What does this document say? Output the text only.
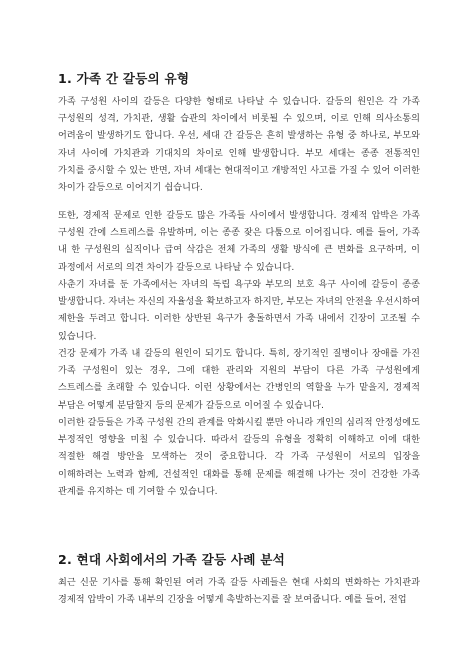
1. 가족 간 갈등의 유형

가족 구성원 사이의 갈등은 다양한 형태로 나타날 수 있습니다. 갈등의 원인은 각 가족 구성원의 성격, 가치관, 생활 습관의 차이에서 비롯될 수 있으며, 이로 인해 의사소통의 어려움이 발생하기도 합니다. 우선, 세대 간 갈등은 흔히 발생하는 유형 중 하나로, 부모와 자녀 사이에 가치관과 기대치의 차이로 인해 발생합니다. 부모 세대는 종종 전통적인 가치를 중시할 수 있는 반면, 자녀 세대는 현대적이고 개방적인 사고를 가질 수 있어 이러한 차이가 갈등으로 이어지기 쉽습니다.

또한, 경제적 문제로 인한 갈등도 많은 가족들 사이에서 발생합니다. 경제적 압박은 가족 구성원 간에 스트레스를 유발하며, 이는 종종 잦은 다툼으로 이어집니다. 예를 들어, 가족 내 한 구성원의 실직이나 급여 삭감은 전체 가족의 생활 방식에 큰 변화를 요구하며, 이 과정에서 서로의 의견 차이가 갈등으로 나타날 수 있습니다.

사춘기 자녀를 둔 가족에서는 자녀의 독립 욕구와 부모의 보호 욕구 사이에 갈등이 종종 발생합니다. 자녀는 자신의 자율성을 확보하고자 하지만, 부모는 자녀의 안전을 우선시하여 제한을 두려고 합니다. 이러한 상반된 욕구가 충돌하면서 가족 내에서 긴장이 고조될 수 있습니다.

건강 문제가 가족 내 갈등의 원인이 되기도 합니다. 특히, 장기적인 질병이나 장애를 가진 가족 구성원이 있는 경우, 그에 대한 관리와 지원의 부담이 다른 가족 구성원에게 스트레스를 초래할 수 있습니다. 이런 상황에서는 간병인의 역할을 누가 맡을지, 경제적 부담은 어떻게 분담할지 등의 문제가 갈등으로 이어질 수 있습니다.

이러한 갈등들은 가족 구성원 간의 관계를 악화시킬 뿐만 아니라 개인의 심리적 안정성에도 부정적인 영향을 미칠 수 있습니다. 따라서 갈등의 유형을 정확히 이해하고 이에 대한 적절한 해결 방안을 모색하는 것이 중요합니다. 각 가족 구성원이 서로의 입장을 이해하려는 노력과 함께, 건설적인 대화를 통해 문제를 해결해 나가는 것이 건강한 가족 관계를 유지하는 데 기여할 수 있습니다.

2. 현대 사회에서의 가족 갈등 사례 분석

최근 신문 기사를 통해 확인된 여러 가족 갈등 사례들은 현대 사회의 변화하는 가치관과 경제적 압박이 가족 내부의 긴장을 어떻게 촉발하는지를 잘 보여줍니다. 예를 들어, 전업
